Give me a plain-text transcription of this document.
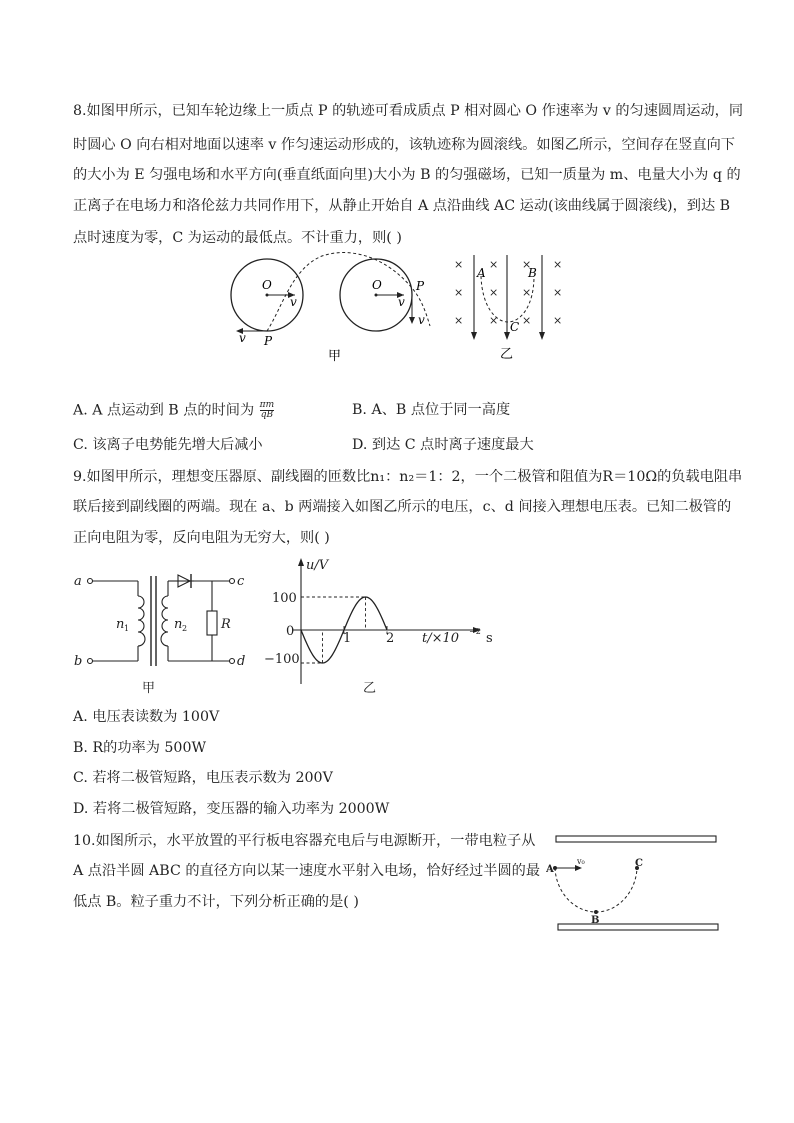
8.如图甲所示，已知车轮边缘上一质点 P 的轨迹可看成质点 P 相对圆心 O 作速率为 v 的匀速圆周运动，同
时圆心 O 向右相对地面以速率 v 作匀速运动形成的，该轨迹称为圆滚线。如图乙所示，空间存在竖直向下
的大小为 E 匀强电场和水平方向(垂直纸面向里)大小为 B 的匀强磁场，已知一质量为 m、电量大小为 q 的
正离子在电场力和洛伦兹力共同作用下，从静止开始自 A 点沿曲线 AC 运动(该曲线属于圆滚线)，到达 B
点时速度为零，C 为运动的最低点。不计重力，则( )
O
v
v P
O
v
P
v
甲
×
×
×
×
×
×
×
×
×
×
×
×
A	B
C
乙
A. A 点运动到 B 点的时间为 $\frac{\pi m}{qB}$	B. A、B 点位于同一高度
C. 该离子电势能先增大后减小	D. 到达 C 点时离子速度最大
9.如图甲所示，理想变压器原、副线圈的匝数比n₁：n₂＝1：2，一个二极管和阻值为R＝10Ω的负载电阻串
联后接到副线圈的两端。现在 a、b 两端接入如图乙所示的电压，c、d 间接入理想电压表。已知二极管的
正向电阻为零，反向电阻为无穷大，则( )
a
b
c
d
n	n	R
1	2
甲
u/V
100
0
−100
1	2 t/×10 s
−2
乙
A. 电压表读数为 100V
B. R的功率为 500W
C. 若将二极管短路，电压表示数为 200V
D. 若将二极管短路，变压器的输入功率为 2000W
10.如图所示，水平放置的平行板电容器充电后与电源断开，一带电粒子从
A 点沿半圆 ABC 的直径方向以某一速度水平射入电场，恰好经过半圆的最
低点 B。粒子重力不计，下列分析正确的是( )
A
B
C
v₀
